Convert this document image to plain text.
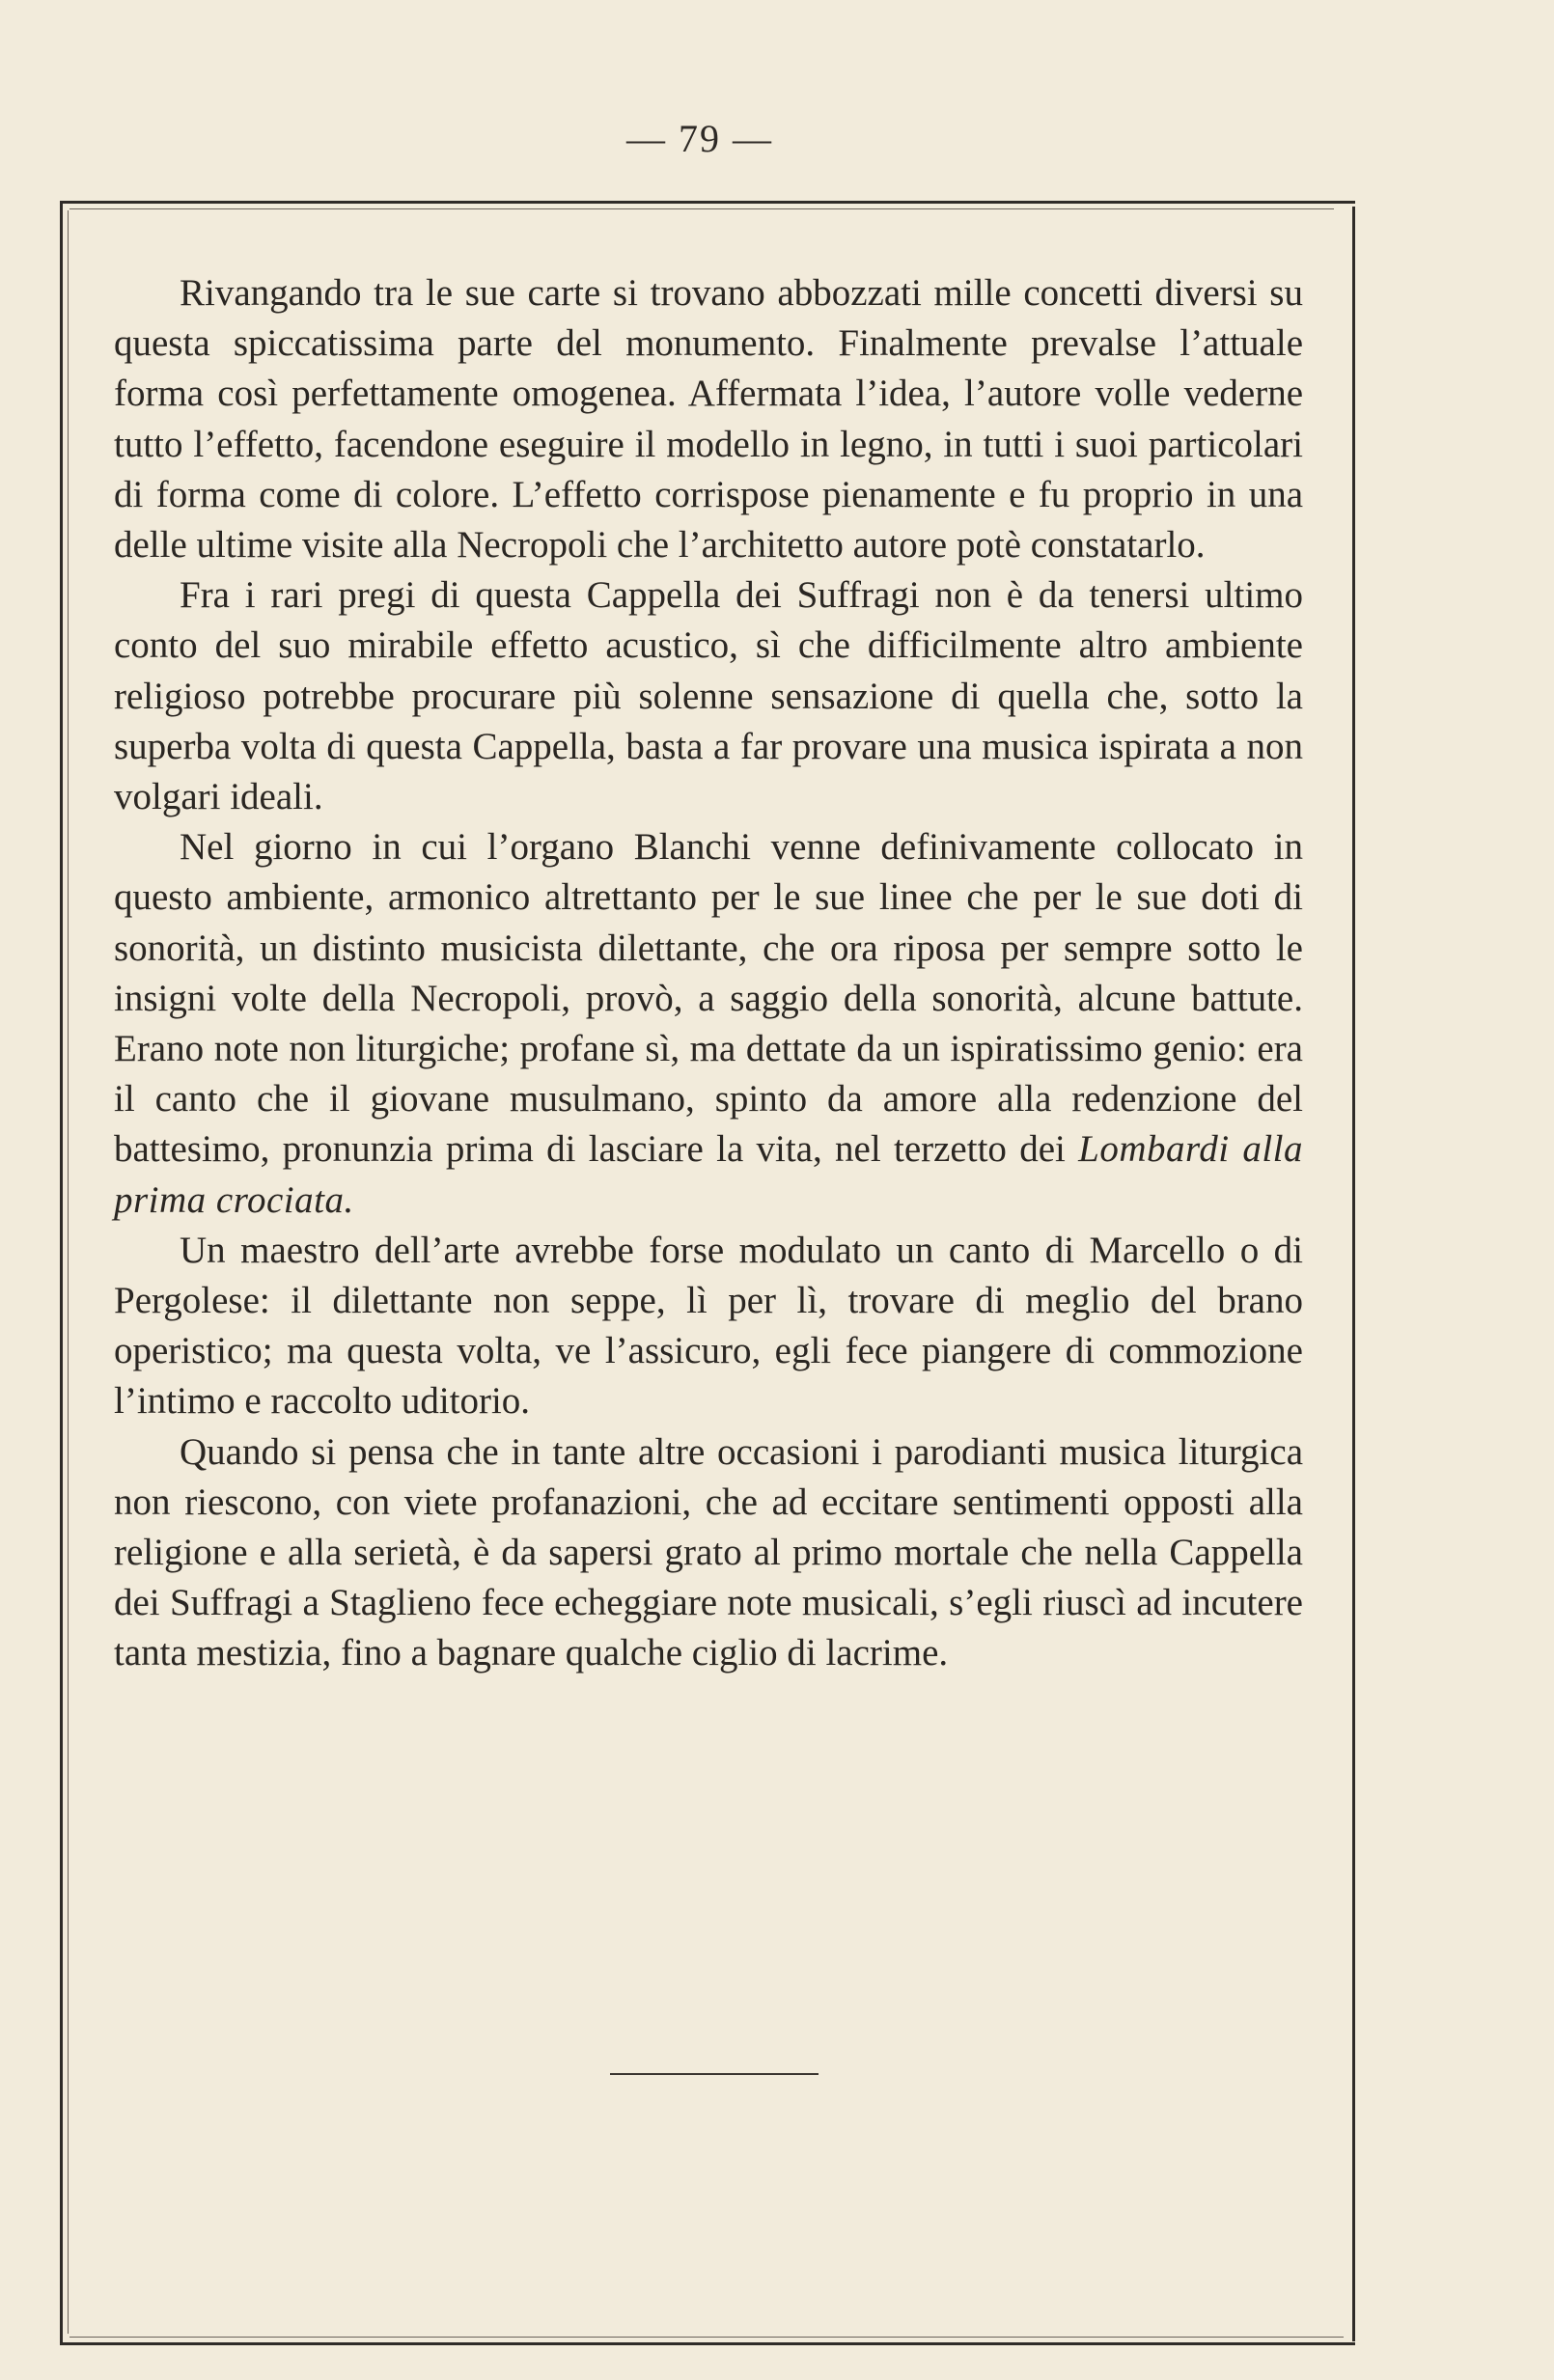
— 79 —

Rivangando tra le sue carte si trovano abbozzati mille concetti diversi su questa spiccatissima parte del monumento. Finalmente prevalse l’attuale forma così perfettamente omogenea. Affermata l’idea, l’autore volle vederne tutto l’effetto, facendone eseguire il modello in legno, in tutti i suoi particolari di forma come di colore. L’effetto corrispose pienamente e fu proprio in una delle ultime visite alla Necropoli che l’architetto autore potè constatarlo.

Fra i rari pregi di questa Cappella dei Suffragi non è da tenersi ultimo conto del suo mirabile effetto acustico, sì che difficilmente altro ambiente religioso potrebbe procurare più solenne sensazione di quella che, sotto la superba volta di questa Cappella, basta a far provare una musica ispirata a non volgari ideali.

Nel giorno in cui l’organo Blanchi venne definivamente collocato in questo ambiente, armonico altrettanto per le sue linee che per le sue doti di sonorità, un distinto musicista dilettante, che ora riposa per sempre sotto le insigni volte della Necropoli, provò, a saggio della sonorità, alcune battute. Erano note non liturgiche; profane sì, ma dettate da un ispiratissimo genio: era il canto che il giovane musulmano, spinto da amore alla redenzione del battesimo, pronunzia prima di lasciare la vita, nel terzetto dei Lombardi alla prima crociata.

Un maestro dell’arte avrebbe forse modulato un canto di Marcello o di Pergolese: il dilettante non seppe, lì per lì, trovare di meglio del brano operistico; ma questa volta, ve l’assicuro, egli fece piangere di commozione l’intimo e raccolto uditorio.

Quando si pensa che in tante altre occasioni i parodianti musica liturgica non riescono, con viete profanazioni, che ad eccitare sentimenti opposti alla religione e alla serietà, è da sapersi grato al primo mortale che nella Cappella dei Suffragi a Staglieno fece echeggiare note musicali, s’egli riuscì ad incutere tanta mestizia, fino a bagnare qualche ciglio di lacrime.
